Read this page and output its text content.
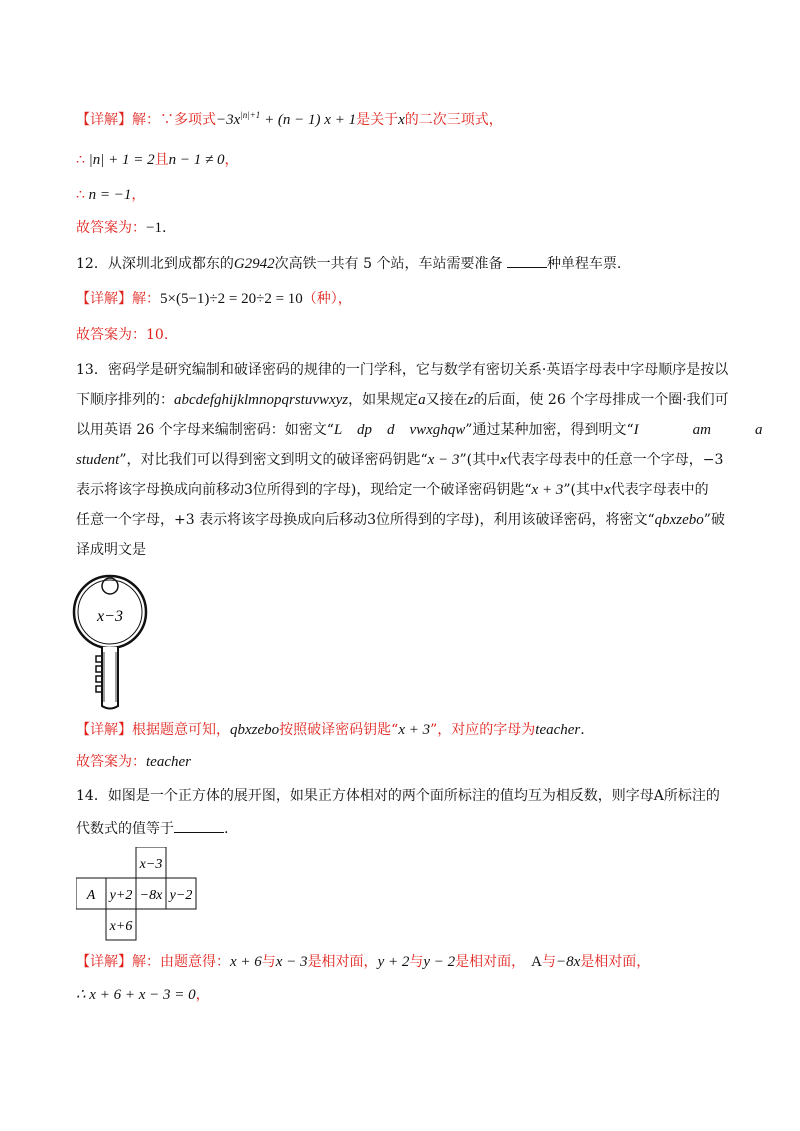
【详解】解：∵多项式$-3x^{|n|+1} + (n - 1) x + 1$是关于x的二次三项式，
∴ |n| + 1 = 2且n − 1 ≠ 0，
∴ n = −1，
故答案为：−1.
12．从深圳北到成都东的G2942次高铁一共有 5 个站，车站需要准备	种单程车票.
【详解】解：5×(5−1)÷2 = 20÷2 = 10（种），
故答案为：10.
13．密码学是研究编制和破译密码的规律的一门学科，它与数学有密切关系·英语字母表中字母顺序是按以
下顺序排列的：abcdefghijklmnopqrstuvwxyz，如果规定a又接在z的后面，使 26 个字母排成一个圈·我们可
以用英语 26 个字母来编制密码：如密文“L    dp    d    vwxghqw”通过某种加密，得到明文“I	am	a
student”，对比我们可以得到密文到明文的破译密码钥匙“x − 3”(其中x代表字母表中的任意一个字母，−3
表示将该字母换成向前移动3位所得到的字母)，现给定一个破译密码钥匙“x + 3”(其中x代表字母表中的
任意一个字母，+3 表示将该字母换成向后移动3位所得到的字母)，利用该破译密码，将密文“qbxzebo”破
译成明文是
x−3
【详解】根据题意可知，qbxzebo按照破译密码钥匙“x + 3”，对应的字母为teacher.
故答案为：teacher
14．如图是一个正方体的展开图，如果正方体相对的两个面所标注的值均互为相反数，则字母A所标注的
代数式的值等于	.
x−3
A y+2 −8x y−2
x+6
【详解】解：由题意得：x + 6与x − 3是相对面，y + 2与y − 2是相对面， A与−8x是相对面，
∴ x + 6 + x − 3 = 0，
